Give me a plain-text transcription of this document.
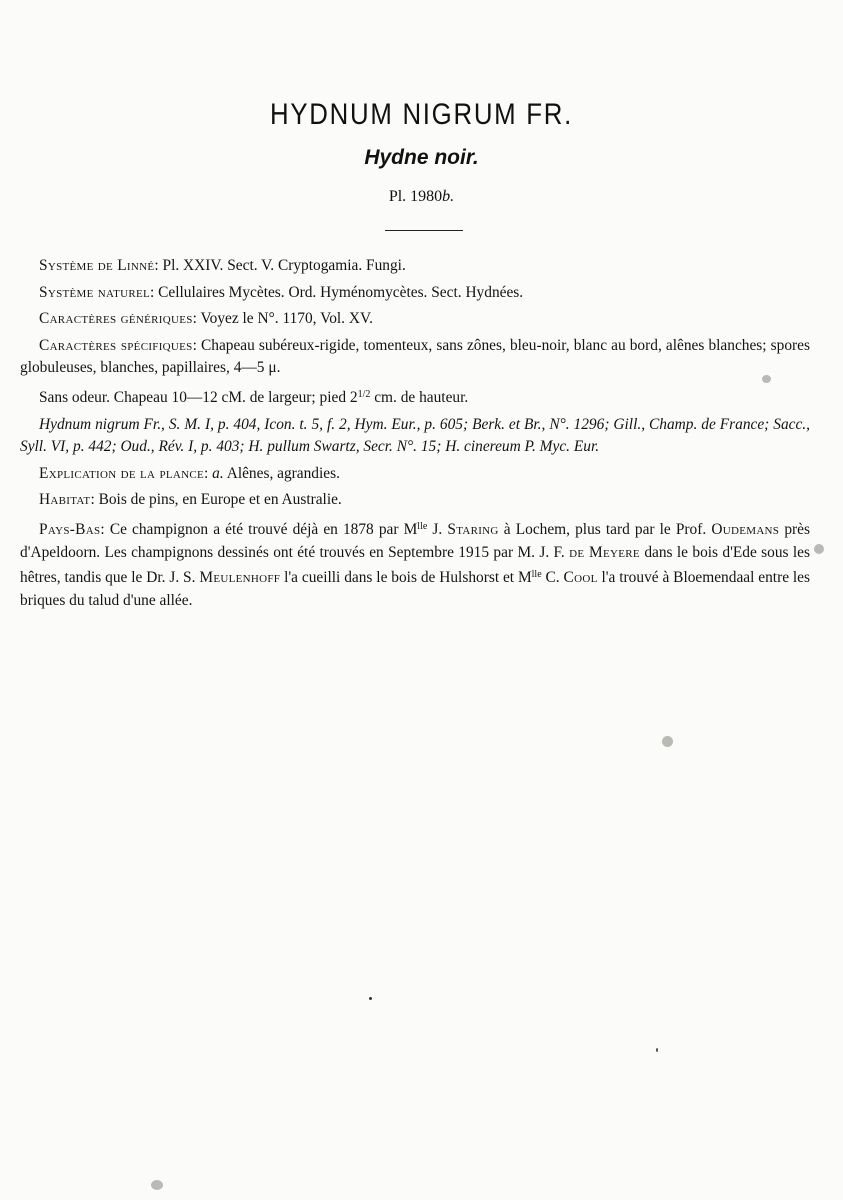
HYDNUM NIGRUM FR.
Hydne noir.
Pl. 1980b.

Système de Linné: Pl. XXIV. Sect. V. Cryptogamia. Fungi.

Système naturel: Cellulaires Mycètes. Ord. Hyménomycètes. Sect. Hydnées.

Caractères génériques: Voyez le N°. 1170, Vol. XV.

Caractères spécifiques: Chapeau subéreux-rigide, tomenteux, sans zônes, bleu-noir, blanc au bord, alênes blanches; spores globuleuses, blanches, papillaires, 4—5 μ.

Sans odeur. Chapeau 10—12 cM. de largeur; pied $2^{1/2}$ cm. de hauteur.

Hydnum nigrum Fr., S. M. I, p. 404, Icon. t. 5, f. 2, Hym. Eur., p. 605; Berk. et Br., N°. 1296; Gill., Champ. de France; Sacc., Syll. VI, p. 442; Oud., Rév. I, p. 403; H. pullum Swartz, Secr. N°. 15; H. cinereum P. Myc. Eur.

Explication de la plance: a. Alênes, agrandies.

Habitat: Bois de pins, en Europe et en Australie.

Pays-Bas: Ce champignon a été trouvé déjà en 1878 par $M^{lle}$ J. Staring à Lochem, plus tard par le Prof. Oudemans près d'Apeldoorn. Les champignons dessinés ont été trouvés en Septembre 1915 par M. J. F. de Meyere dans le bois d'Ede sous les hêtres, tandis que le Dr. J. S. Meulenhoff l'a cueilli dans le bois de Hulshorst et $M^{lle}$ C. Cool l'a trouvé à Bloemendaal entre les briques du talud d'une allée.
